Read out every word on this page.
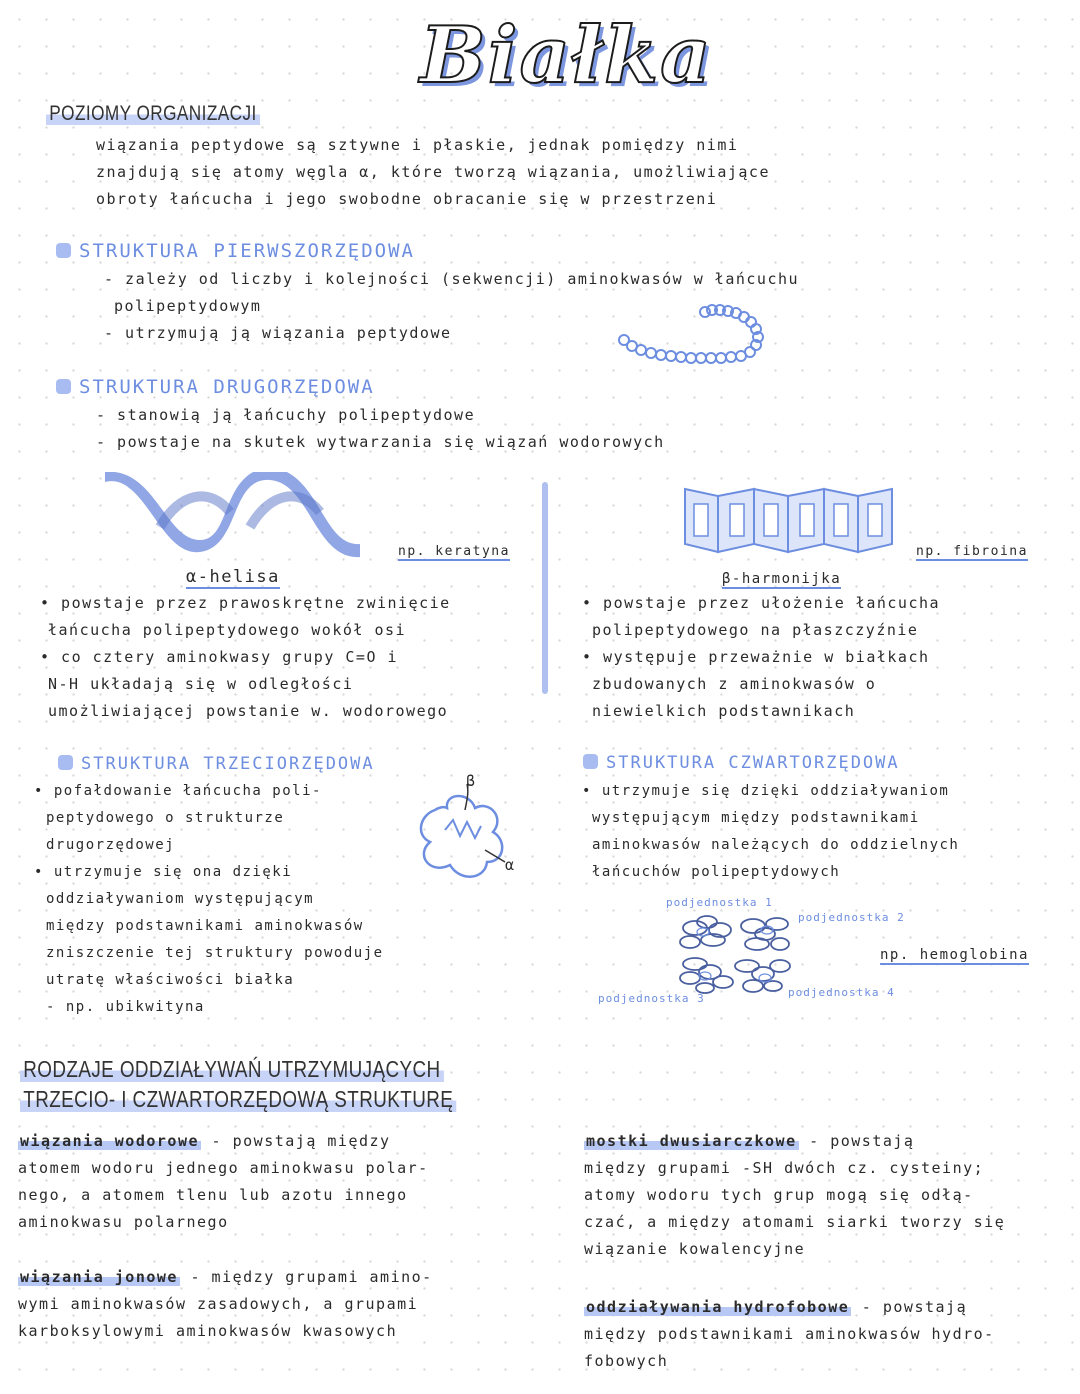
Białka
POZIOMY ORGANIZACJI
wiązania peptydowe są sztywne i płaskie, jednak pomiędzy nimi
znajdują się atomy węgla α, które tworzą wiązania, umożliwiające
obroty łańcucha i jego swobodne obracanie się w przestrzeni
STRUKTURA PIERWSZORZĘDOWA
- zależy od liczby i kolejności (sekwencji) aminokwasów w łańcuchu
polipeptydowym
- utrzymują ją wiązania peptydowe
STRUKTURA DRUGORZĘDOWA
- stanowią ją łańcuchy polipeptydowe
- powstaje na skutek wytwarzania się wiązań wodorowych
np. keratyna
α-helisa
• powstaje przez prawoskrętne zwinięcie
łańcucha polipeptydowego wokół osi
• co cztery aminokwasy grupy C=O i
N-H układają się w odległości
umożliwiającej powstanie w. wodorowego
np. fibroina
β-harmonijka
• powstaje przez ułożenie łańcucha
polipeptydowego na płaszczyźnie
• występuje przeważnie w białkach
zbudowanych z aminokwasów o
niewielkich podstawnikach
STRUKTURA TRZECIORZĘDOWA
• pofałdowanie łańcucha poli-
peptydowego o strukturze
drugorzędowej
• utrzymuje się ona dzięki
oddziaływaniom występującym
między podstawnikami aminokwasów
zniszczenie tej struktury powoduje
utratę właściwości białka
- np. ubikwityna
β
α
STRUKTURA CZWARTORZĘDOWA
• utrzymuje się dzięki oddziaływaniom
występującym między podstawnikami
aminokwasów należących do oddzielnych
łańcuchów polipeptydowych
podjednostka 1
podjednostka 2
podjednostka 3	podjednostka 4
np. hemoglobina
RODZAJE ODDZIAŁYWAŃ UTRZYMUJĄCYCH
TRZECIO- I CZWARTORZĘDOWĄ STRUKTURĘ
wiązania wodorowe - powstają między
atomem wodoru jednego aminokwasu polar-
nego, a atomem tlenu lub azotu innego
aminokwasu polarnego
wiązania jonowe - między grupami amino-
wymi aminokwasów zasadowych, a grupami
karboksylowymi aminokwasów kwasowych
mostki dwusiarczkowe - powstają
między grupami -SH dwóch cz. cysteiny;
atomy wodoru tych grup mogą się odłą-
czać, a między atomami siarki tworzy się
wiązanie kowalencyjne
oddziaływania hydrofobowe - powstają
między podstawnikami aminokwasów hydro-
fobowych
